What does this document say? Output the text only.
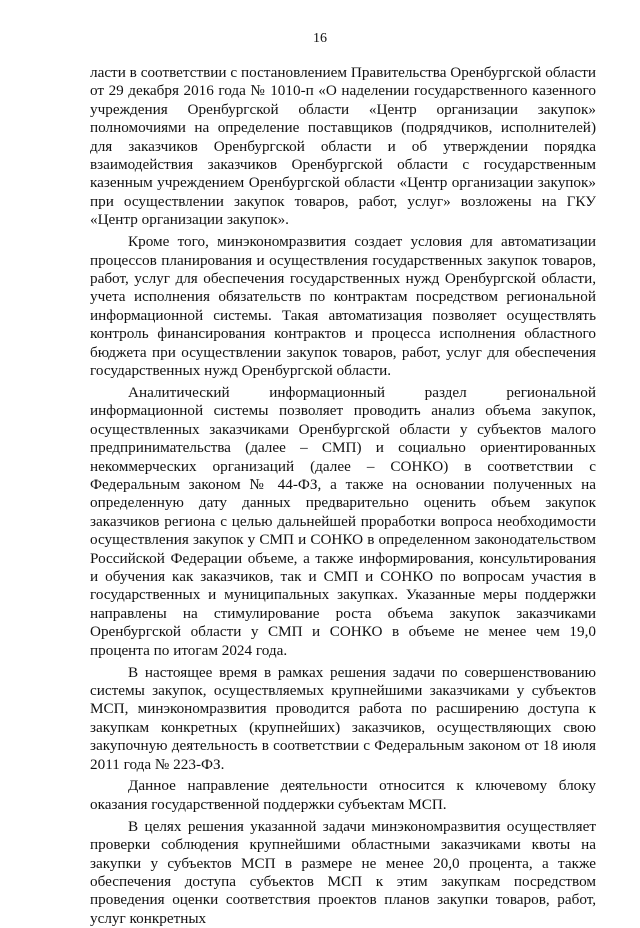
16

ласти в соответствии с постановлением Правительства Оренбургской области от 29 декабря 2016 года № 1010-п «О наделении государственного казенного учреждения Оренбургской области «Центр организации закупок» полномочиями на определение поставщиков (подрядчиков, исполнителей) для заказчиков Оренбургской области и об утверждении порядка взаимодействия заказчиков Оренбургской области с государственным казенным учреждением Оренбургской области «Центр организации закупок» при осуществлении закупок товаров, работ, услуг» возложены на ГКУ «Центр организации закупок».

Кроме того, минэкономразвития создает условия для автоматизации процессов планирования и осуществления государственных закупок товаров, работ, услуг для обеспечения государственных нужд Оренбургской области, учета исполнения обязательств по контрактам посредством региональной информационной системы. Такая автоматизация позволяет осуществлять контроль финансирования контрактов и процесса исполнения областного бюджета при осуществлении закупок товаров, работ, услуг для обеспечения государственных нужд Оренбургской области.

Аналитический информационный раздел региональной информационной системы позволяет проводить анализ объема закупок, осуществленных заказчиками Оренбургской области у субъектов малого предпринимательства (далее – СМП) и социально ориентированных некоммерческих организаций (далее – СОНКО) в соответствии с Федеральным законом № 44-ФЗ, а также на основании полученных на определенную дату данных предварительно оценить объем закупок заказчиков региона с целью дальнейшей проработки вопроса необходимости осуществления закупок у СМП и СОНКО в определенном законодательством Российской Федерации объеме, а также информирования, консультирования и обучения как заказчиков, так и СМП и СОНКО по вопросам участия в государственных и муниципальных закупках. Указанные меры поддержки направлены на стимулирование роста объема закупок заказчиками Оренбургской области у СМП и СОНКО в объеме не менее чем 19,0 процента по итогам 2024 года.

В настоящее время в рамках решения задачи по совершенствованию системы закупок, осуществляемых крупнейшими заказчиками у субъектов МСП, минэкономразвития проводится работа по расширению доступа к закупкам конкретных (крупнейших) заказчиков, осуществляющих свою закупочную деятельность в соответствии с Федеральным законом от 18 июля 2011 года № 223-ФЗ.

Данное направление деятельности относится к ключевому блоку оказания государственной поддержки субъектам МСП.

В целях решения указанной задачи минэкономразвития осуществляет проверки соблюдения крупнейшими областными заказчиками квоты на закупки у субъектов МСП в размере не менее 20,0 процента, а также обеспечения доступа субъектов МСП к этим закупкам посредством проведения оценки соответствия проектов планов закупки товаров, работ, услуг конкретных
